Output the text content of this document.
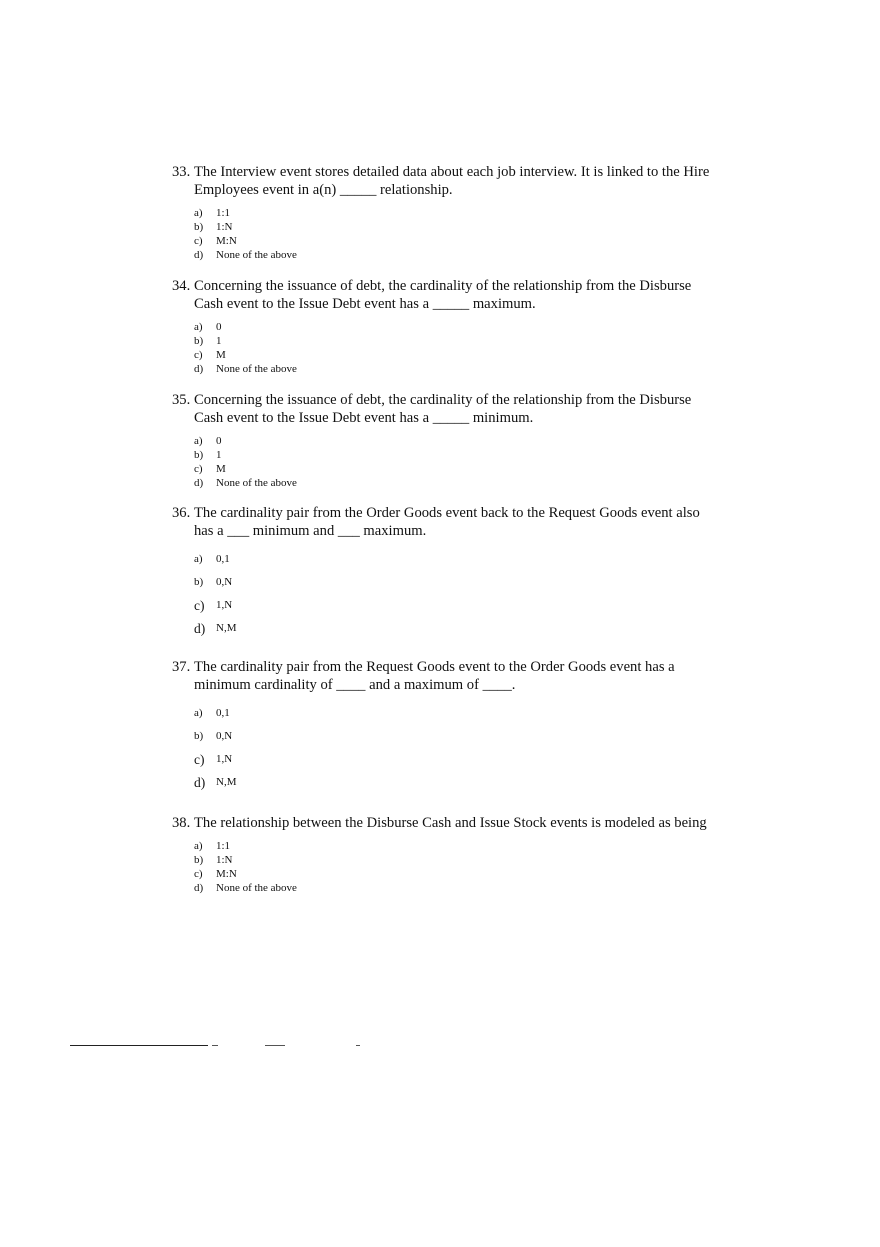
33. The Interview event stores detailed data about each job interview. It is linked to the Hire Employees event in a(n) _____ relationship.

a)	1:1
b)	1:N
c)	M:N
d)	None of the above

34. Concerning the issuance of debt, the cardinality of the relationship from the Disburse Cash event to the Issue Debt event has a _____ maximum.

a)	0
b)	1
c)	M
d)	None of the above

35. Concerning the issuance of debt, the cardinality of the relationship from the Disburse Cash event to the Issue Debt event has a _____ minimum.

a)	0
b)	1
c)	M
d)	None of the above

36. The cardinality pair from the Order Goods event back to the Request Goods event also has a ___ minimum and ___ maximum.

a)	0,1
b)	0,N
c)	1,N
d) N,M

37. The cardinality pair from the Request Goods event to the Order Goods event has a minimum cardinality of ____ and a maximum of ____.

a)	0,1
b)	0,N
c)	1,N
d) N,M

38. The relationship between the Disburse Cash and Issue Stock events is modeled as being

a)	1:1
b)	1:N
c)	M:N
d)	None of the above
